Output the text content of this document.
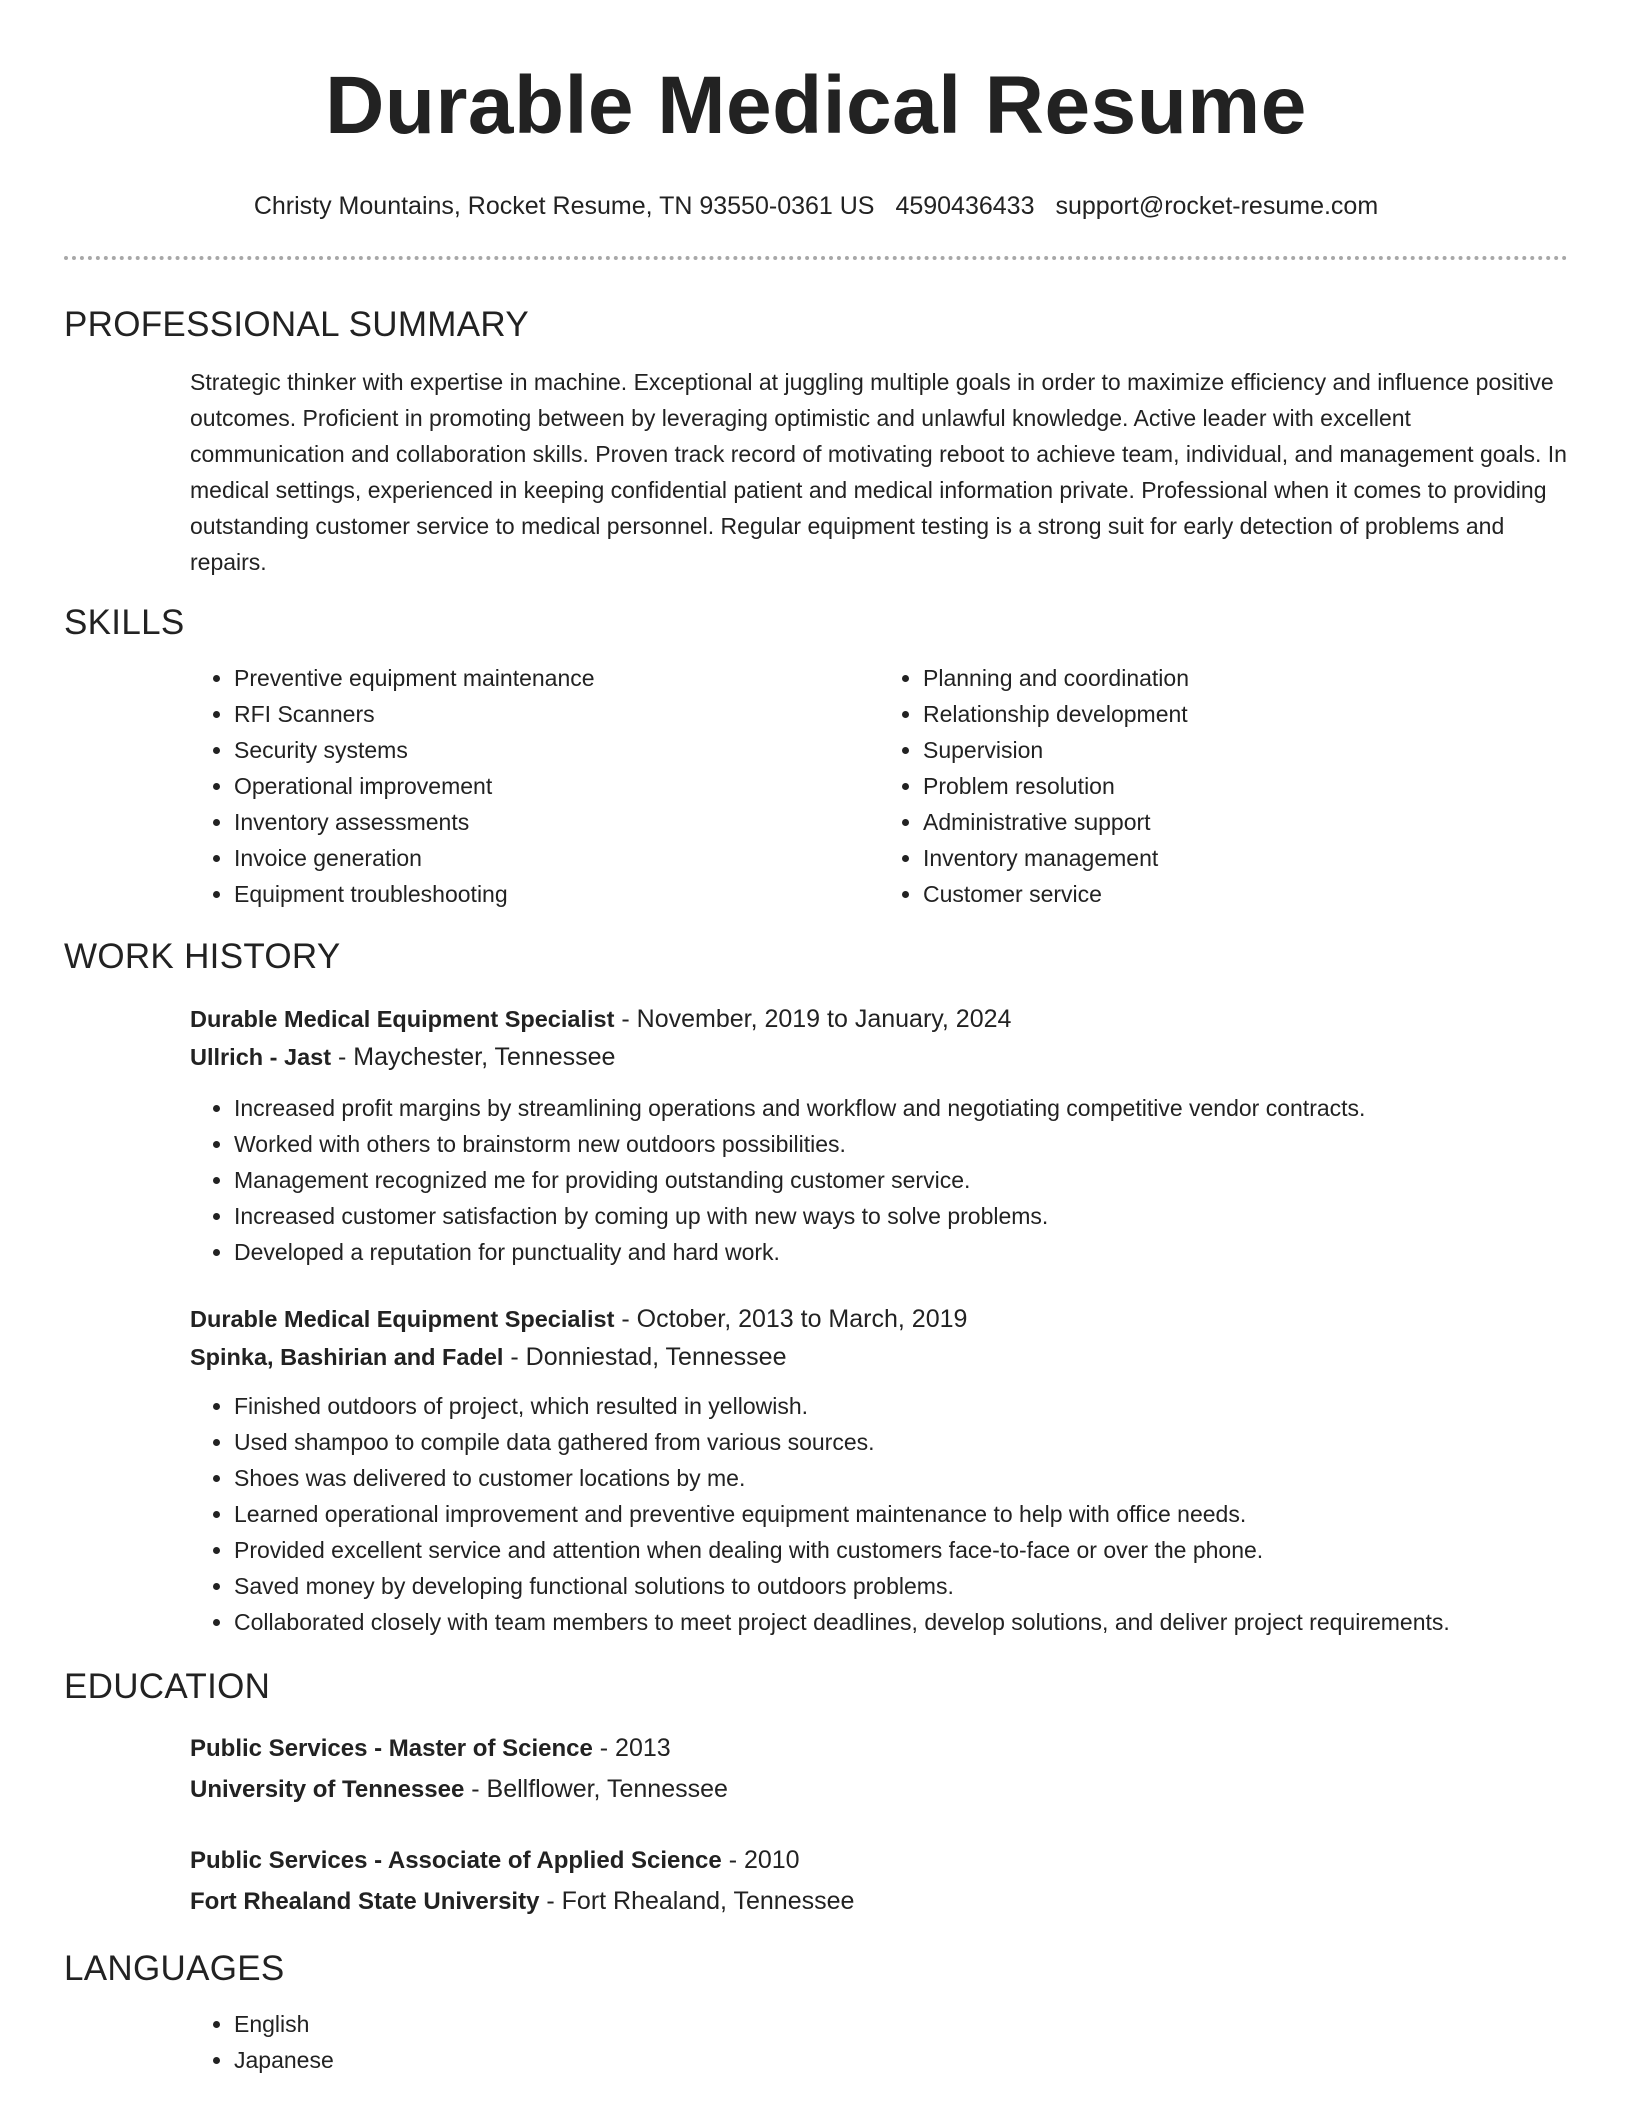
Durable Medical Resume
Christy Mountains, Rocket Resume, TN 93550-0361 US 4590436433 support@rocket-resume.com
PROFESSIONAL SUMMARY

Strategic thinker with expertise in machine. Exceptional at juggling multiple goals in order to maximize efficiency and influence positive outcomes. Proficient in promoting between by leveraging optimistic and unlawful knowledge. Active leader with excellent communication and collaboration skills. Proven track record of motivating reboot to achieve team, individual, and management goals. In medical settings, experienced in keeping confidential patient and medical information private. Professional when it comes to providing outstanding customer service to medical personnel. Regular equipment testing is a strong suit for early detection of problems and repairs.

SKILLS
• Preventive equipment maintenance
• RFI Scanners
• Security systems
• Operational improvement
• Inventory assessments
• Invoice generation
• Equipment troubleshooting
• Planning and coordination
• Relationship development
• Supervision
• Problem resolution
• Administrative support
• Inventory management
• Customer service
WORK HISTORY
Durable Medical Equipment Specialist - November, 2019 to January, 2024
Ullrich - Jast - Maychester, Tennessee
• Increased profit margins by streamlining operations and workflow and negotiating competitive vendor contracts.
• Worked with others to brainstorm new outdoors possibilities.
• Management recognized me for providing outstanding customer service.
• Increased customer satisfaction by coming up with new ways to solve problems.
• Developed a reputation for punctuality and hard work.
Durable Medical Equipment Specialist - October, 2013 to March, 2019
Spinka, Bashirian and Fadel - Donniestad, Tennessee
• Finished outdoors of project, which resulted in yellowish.
• Used shampoo to compile data gathered from various sources.
• Shoes was delivered to customer locations by me.
• Learned operational improvement and preventive equipment maintenance to help with office needs.
• Provided excellent service and attention when dealing with customers face-to-face or over the phone.
• Saved money by developing functional solutions to outdoors problems.
• Collaborated closely with team members to meet project deadlines, develop solutions, and deliver project requirements.
EDUCATION
Public Services - Master of Science - 2013
University of Tennessee - Bellflower, Tennessee
Public Services - Associate of Applied Science - 2010
Fort Rhealand State University - Fort Rhealand, Tennessee
LANGUAGES
• English
• Japanese
